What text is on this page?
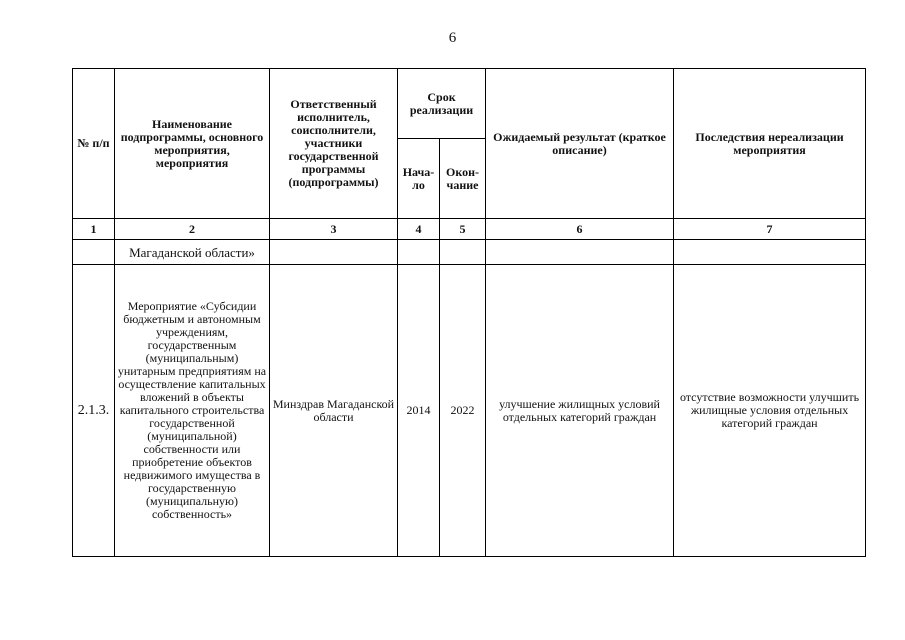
6
№ п/п	Наименование подпрограммы, основного мероприятия, мероприятия	Ответственный исполнитель, соисполнители, участники государственной программы (подпрограммы)	Срок реализации		Ожидаемый результат (краткое описание)	Последствия нереализации мероприятия
			Нача-ло	Окон-чание		
1	2	3	4	5	6	7
	Магаданской области»					
2.1.3.	Мероприятие «Субсидии бюджетным и автономным учреждениям, государственным (муниципальным) унитарным предприятиям на осуществление капитальных вложений в объекты капитального строительства государственной (муниципальной) собственности или приобретение объектов недвижимого имущества в государственную (муниципальную) собственность»	Минздрав Магаданской области	2014	2022	улучшение жилищных условий отдельных категорий граждан	отсутствие возможности улучшить жилищные условия отдельных категорий граждан
